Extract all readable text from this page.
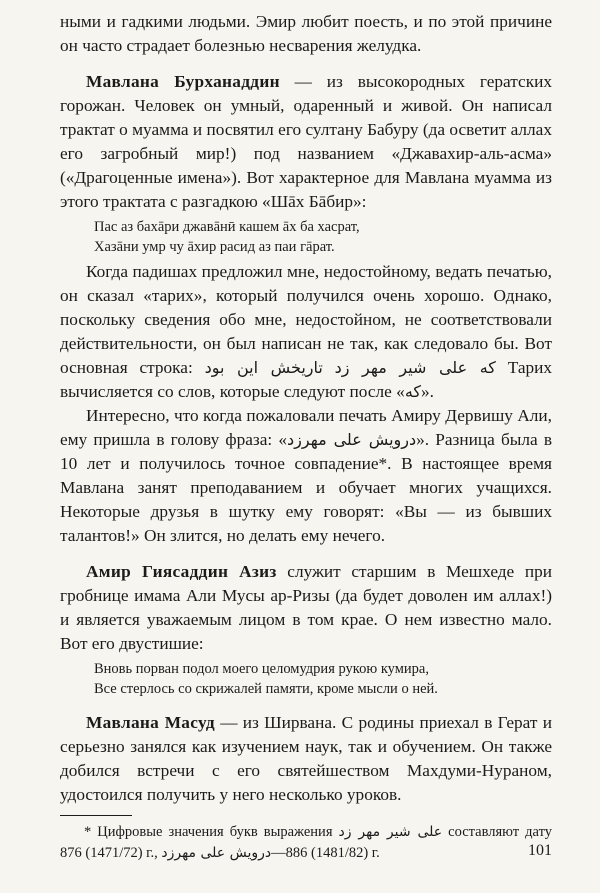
ными и гадкими людьми. Эмир любит поесть, и по этой причине он часто страдает болезнью несварения желудка.

Мавлана Бурханаддин — из высокородных гератских горожан. Человек он умный, одаренный и живой. Он написал трактат о муамма и посвятил его султану Бабуру (да осветит аллах его загробный мир!) под названием «Джавахир-аль-асма» («Драгоценные имена»). Вот характерное для Мавлана муамма из этого трактата с разгадкою «Шāх Бāбир»:

Пас аз бахāри джавāнӣ кашем āх ба хасрат,
Хазāни умр чу āхир расид аз паи гāрат.

Когда падишах предложил мне, недостойному, ведать печатью, он сказал «тарих», который получился очень хорошо. Однако, поскольку сведения обо мне, недостойном, не соответствовали действительности, он был написан не так, как следовало бы. Вот основная строка: تاريخش اين بود که علی شیر مهر زد Тарих вычисляется со слов, которые следуют после «که».

Интересно, что когда пожаловали печать Амиру Дервишу Али, ему пришла в голову фраза: «درویش علی مهرزد». Разница была в 10 лет и получилось точное совпадение*. В настоящее время Мавлана занят преподаванием и обучает многих учащихся. Некоторые друзья в шутку ему говорят: «Вы — из бывших талантов!» Он злится, но делать ему нечего.

Амир Гиясаддин Азиз служит старшим в Мешхеде при гробнице имама Али Мусы ар-Ризы (да будет доволен им аллах!) и является уважаемым лицом в том крае. О нем известно мало. Вот его двустишие:

Вновь порван подол моего целомудрия рукою кумира,
Все стерлось со скрижалей памяти, кроме мысли о ней.

Мавлана Масуд — из Ширвана. С родины приехал в Герат и серьезно занялся как изучением наук, так и обучением. Он также добился встречи с его святейшеством Махдуми-Нураном, удостоился получить у него несколько уроков.

* Цифровые значения букв выражения علی شیر مهر زد составляют дату 876 (1471/72) г., درویش علی مهرزد—886 (1481/82) г.	101
